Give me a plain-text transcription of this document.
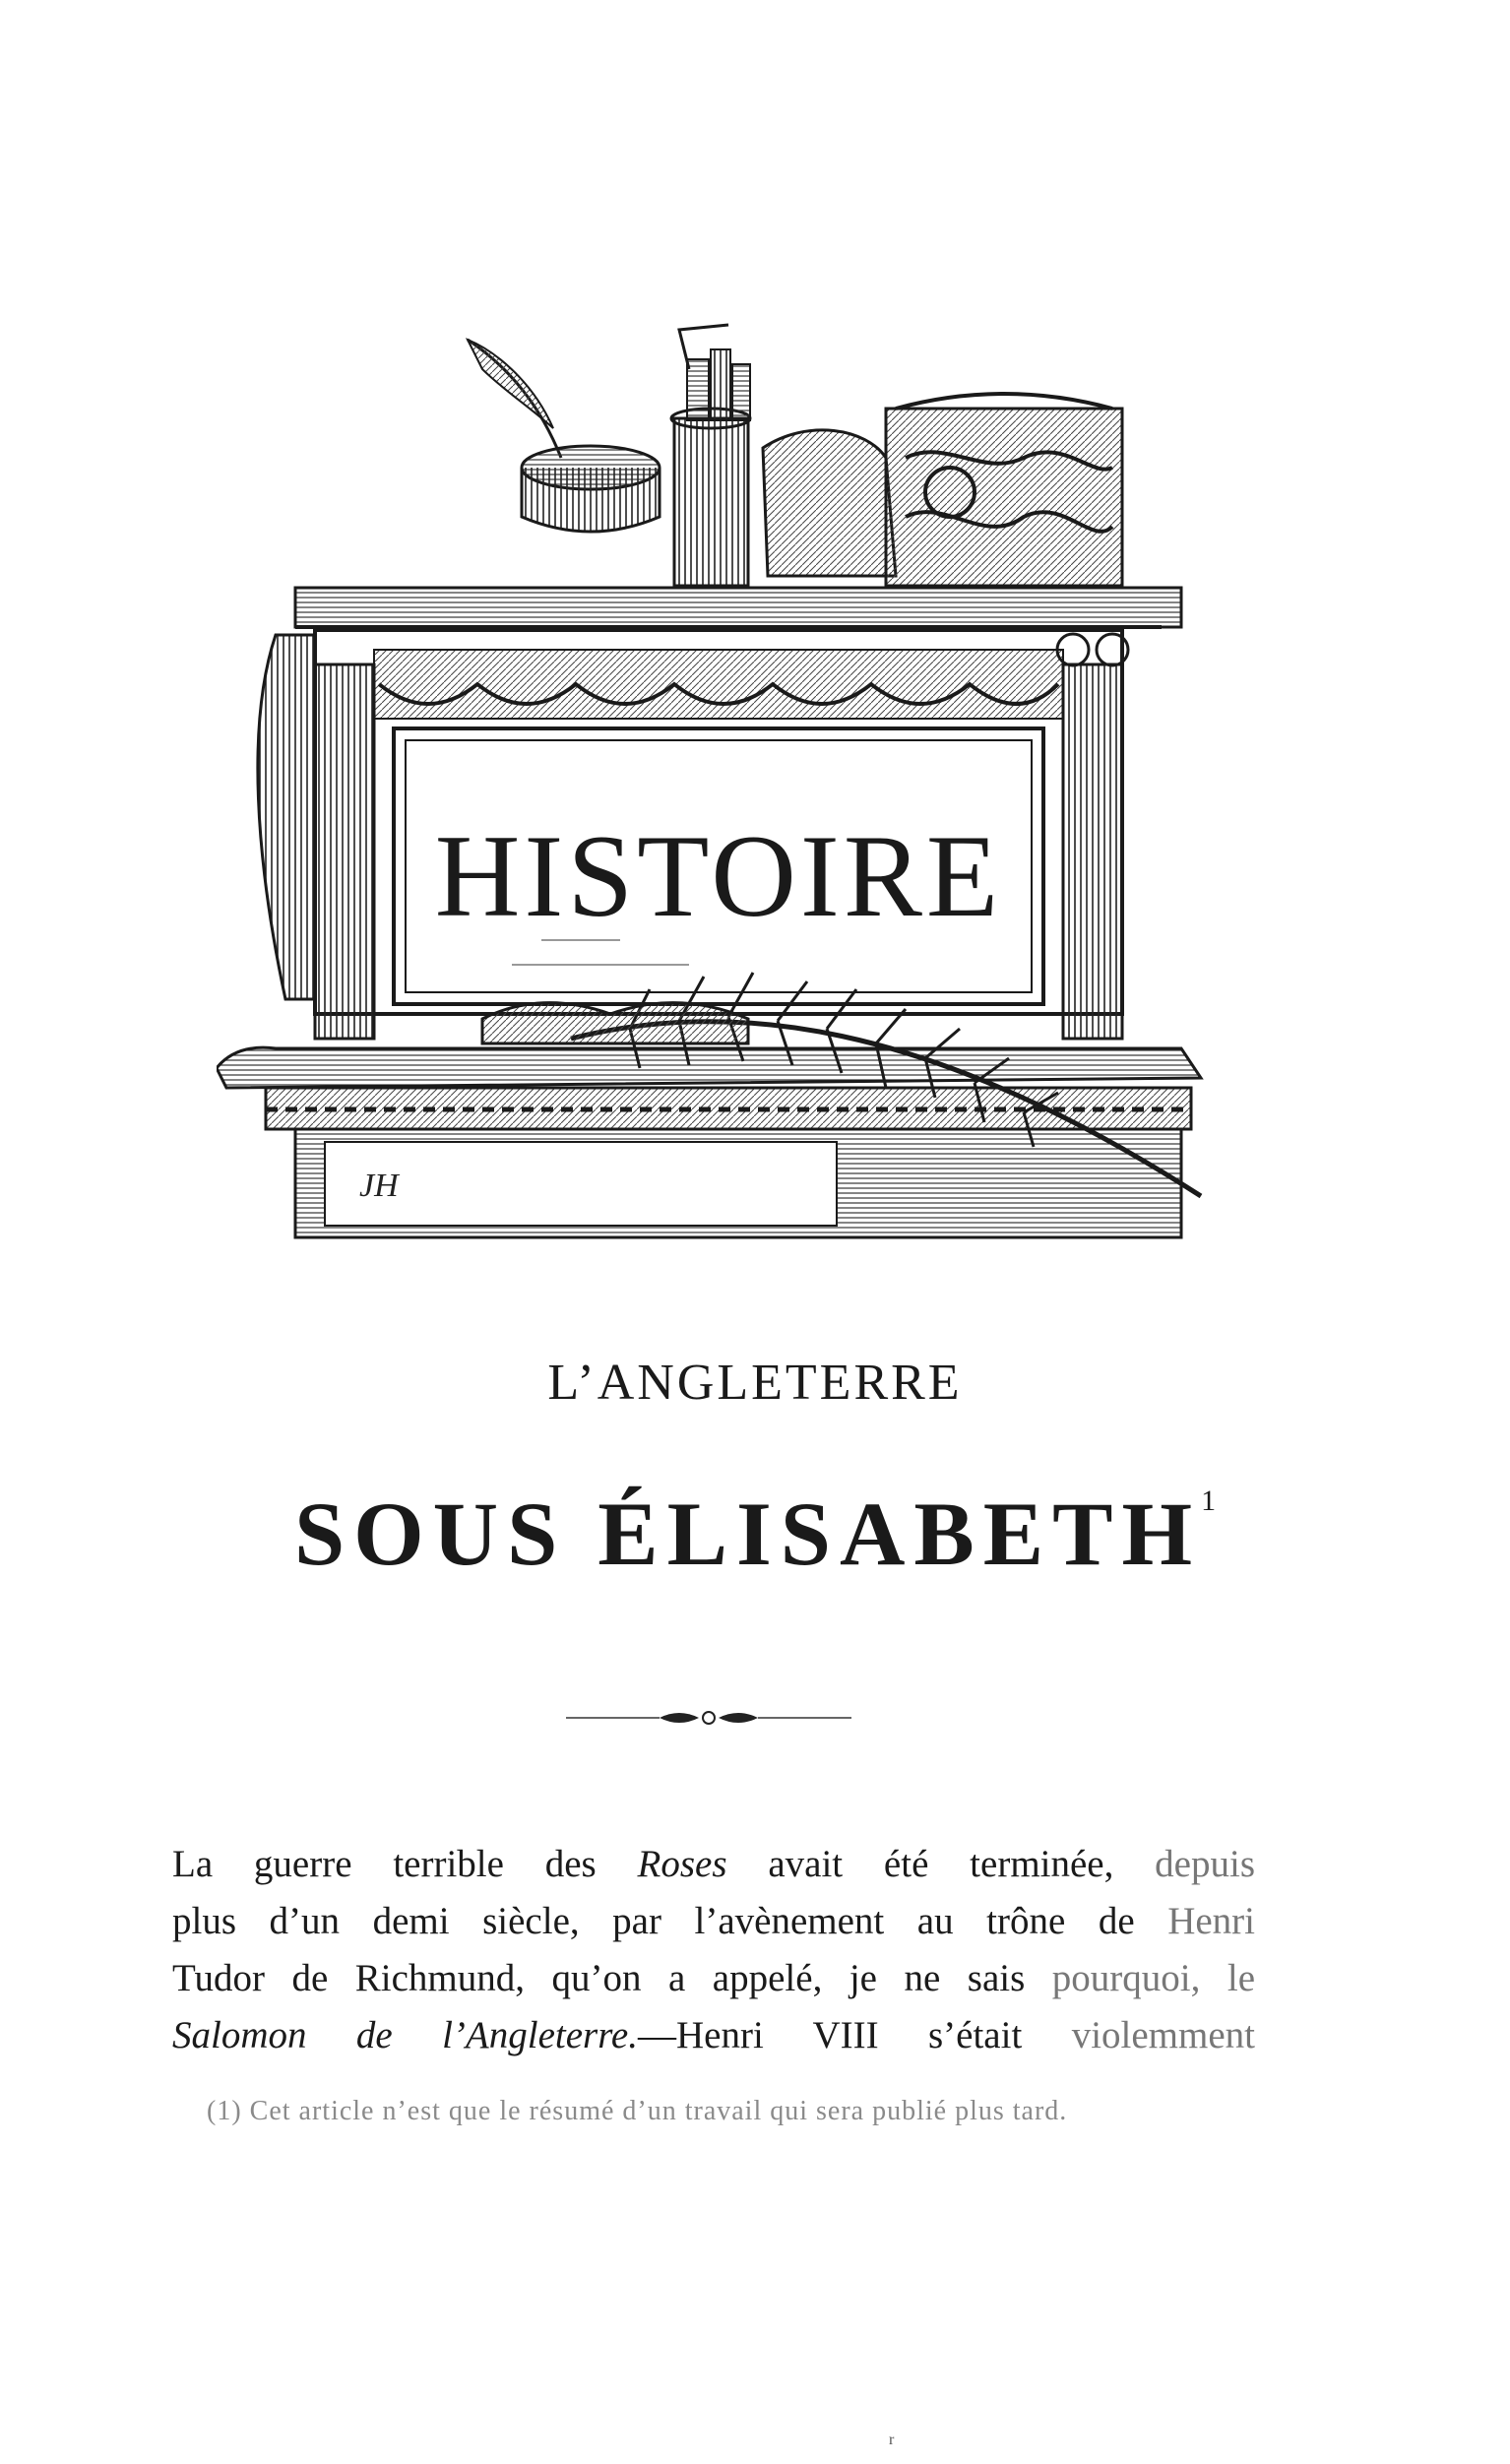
HISTOIRE
JH
L’ANGLETERRE
SOUS ÉLISABETH$^1$
La guerre terrible des Roses avait été terminée, depuis
plus d’un demi siècle, par l’avènement au trône de Henri
Tudor de Richmund, qu’on a appelé, je ne sais pourquoi, le
Salomon de l’Angleterre.—Henri VIII s’était violemment
(1) Cet article n’est que le résumé d’un travail qui sera publié plus tard.
r
